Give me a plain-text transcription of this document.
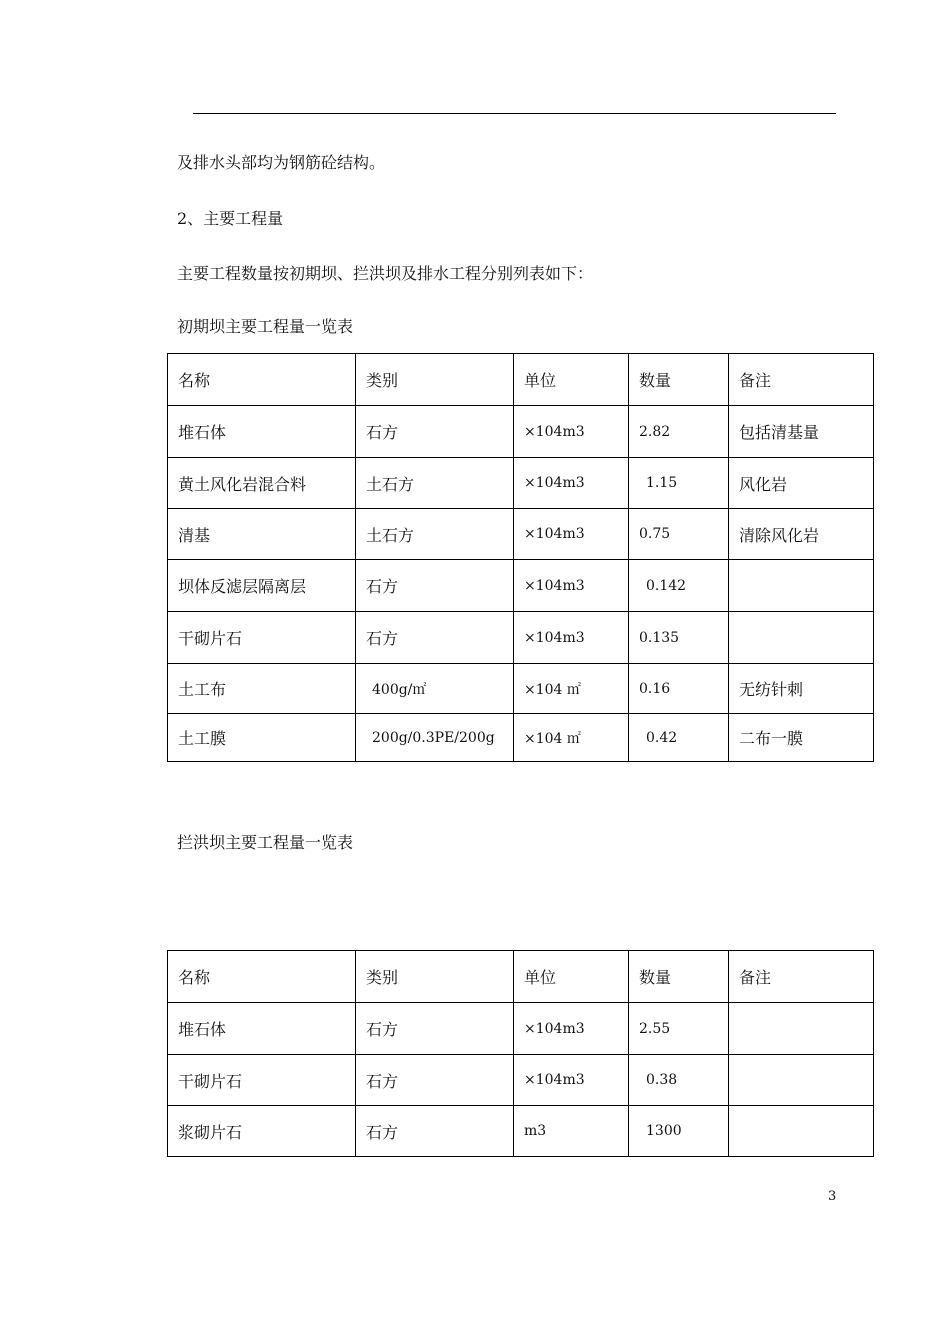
及排水头部均为钢筋砼结构。
2、主要工程量
主要工程数量按初期坝、拦洪坝及排水工程分别列表如下：
初期坝主要工程量一览表
名称	类别	单位	数量	备注
堆石体	石方	×104m3	2.82	包括清基量
黄土风化岩混合料	土石方	×104m3	1.15	风化岩
清基	土石方	×104m3	0.75	清除风化岩
坝体反滤层隔离层	石方	×104m3	0.142	
干砌片石	石方	×104m3	0.135	
土工布	400g/㎡	×104 ㎡	0.16	无纺针刺
土工膜	200g/0.3PE/200g	×104 ㎡	0.42	二布一膜
拦洪坝主要工程量一览表
名称	类别	单位	数量	备注
堆石体	石方	×104m3	2.55	
干砌片石	石方	×104m3	0.38	
浆砌片石	石方	m3	1300	
3
